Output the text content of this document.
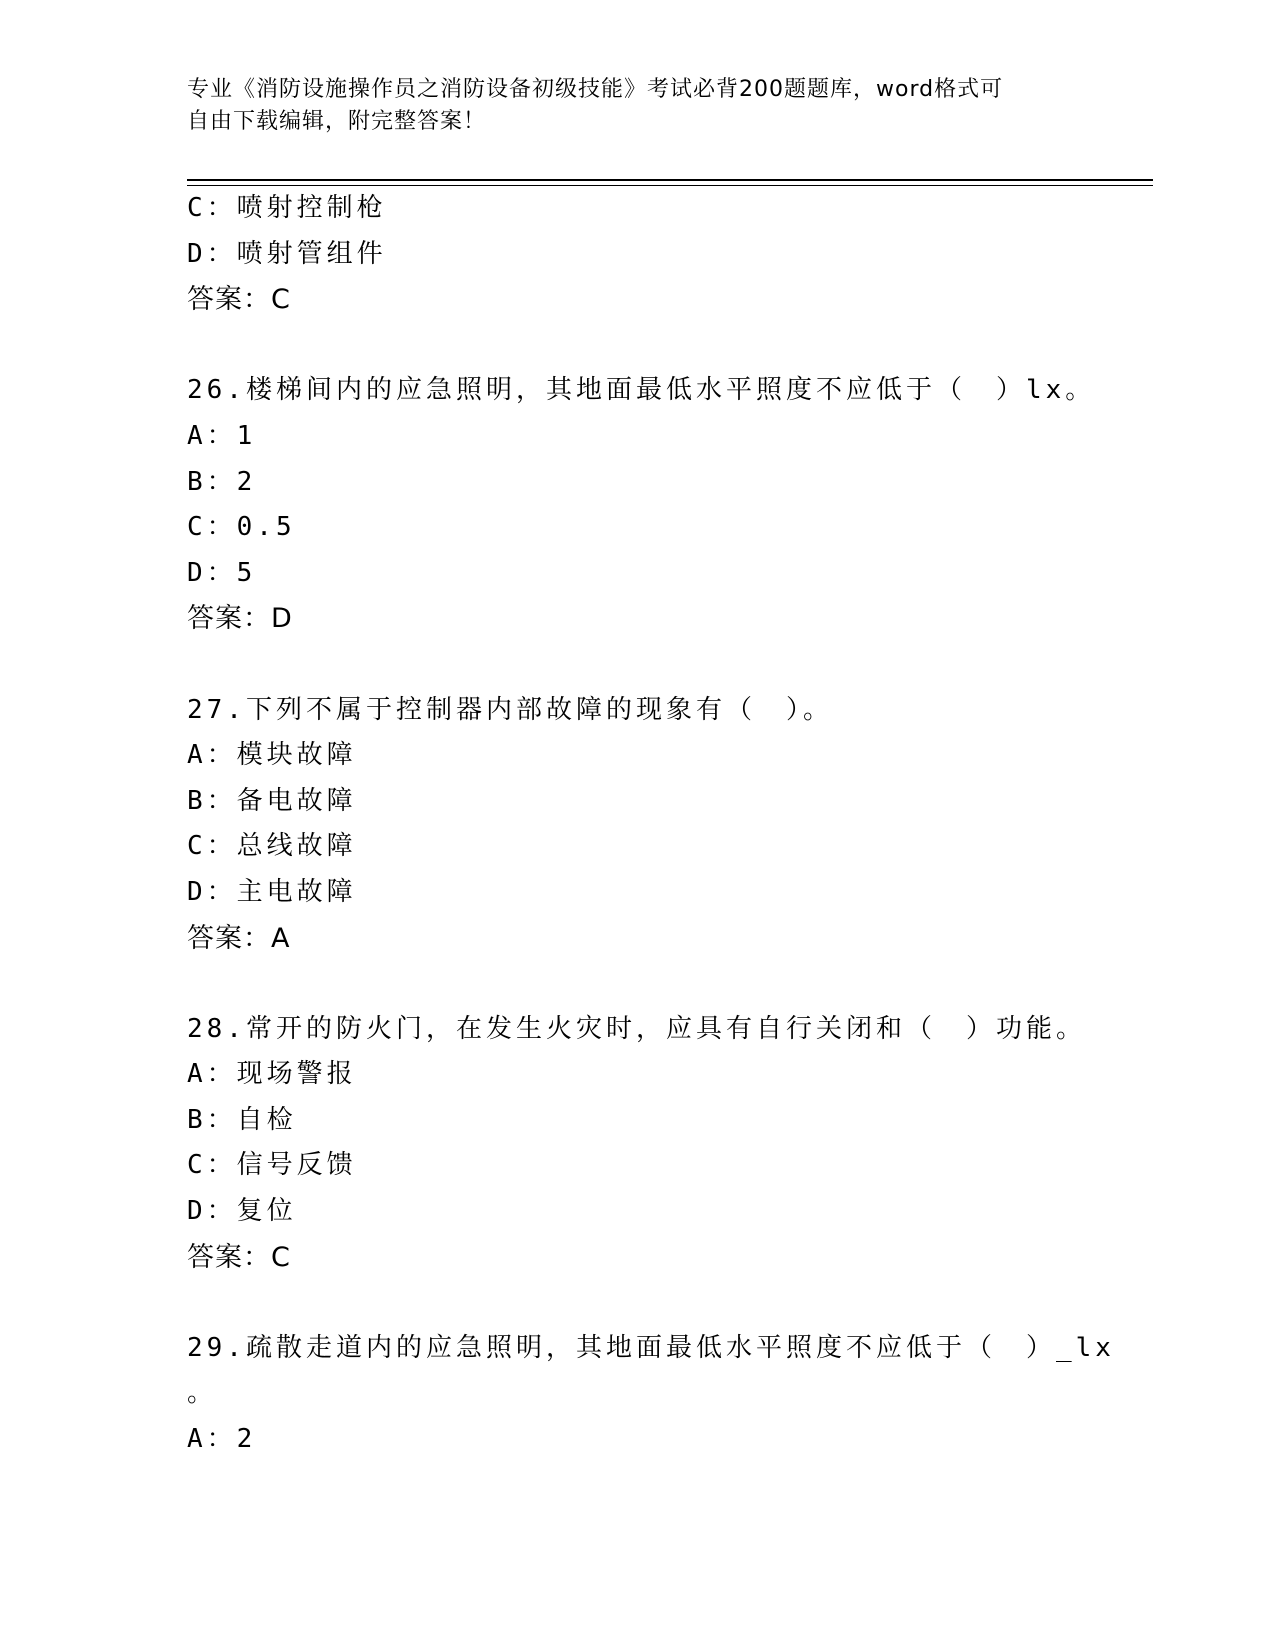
专业《消防设施操作员之消防设备初级技能》考试必背200题题库，word格式可
自由下载编辑，附完整答案！
C：喷射控制枪
D：喷射管组件
答案：C
26.楼梯间内的应急照明，其地面最低水平照度不应低于（　）lx。
A：1
B：2
C：0.5
D：5
答案：D
27.下列不属于控制器内部故障的现象有（　）。
A：模块故障
B：备电故障
C：总线故障
D：主电故障
答案：A
28.常开的防火门，在发生火灾时，应具有自行关闭和（　）功能。
A：现场警报
B：自检
C：信号反馈
D：复位
答案：C
29.疏散走道内的应急照明，其地面最低水平照度不应低于（　）_lx
。
A：2
